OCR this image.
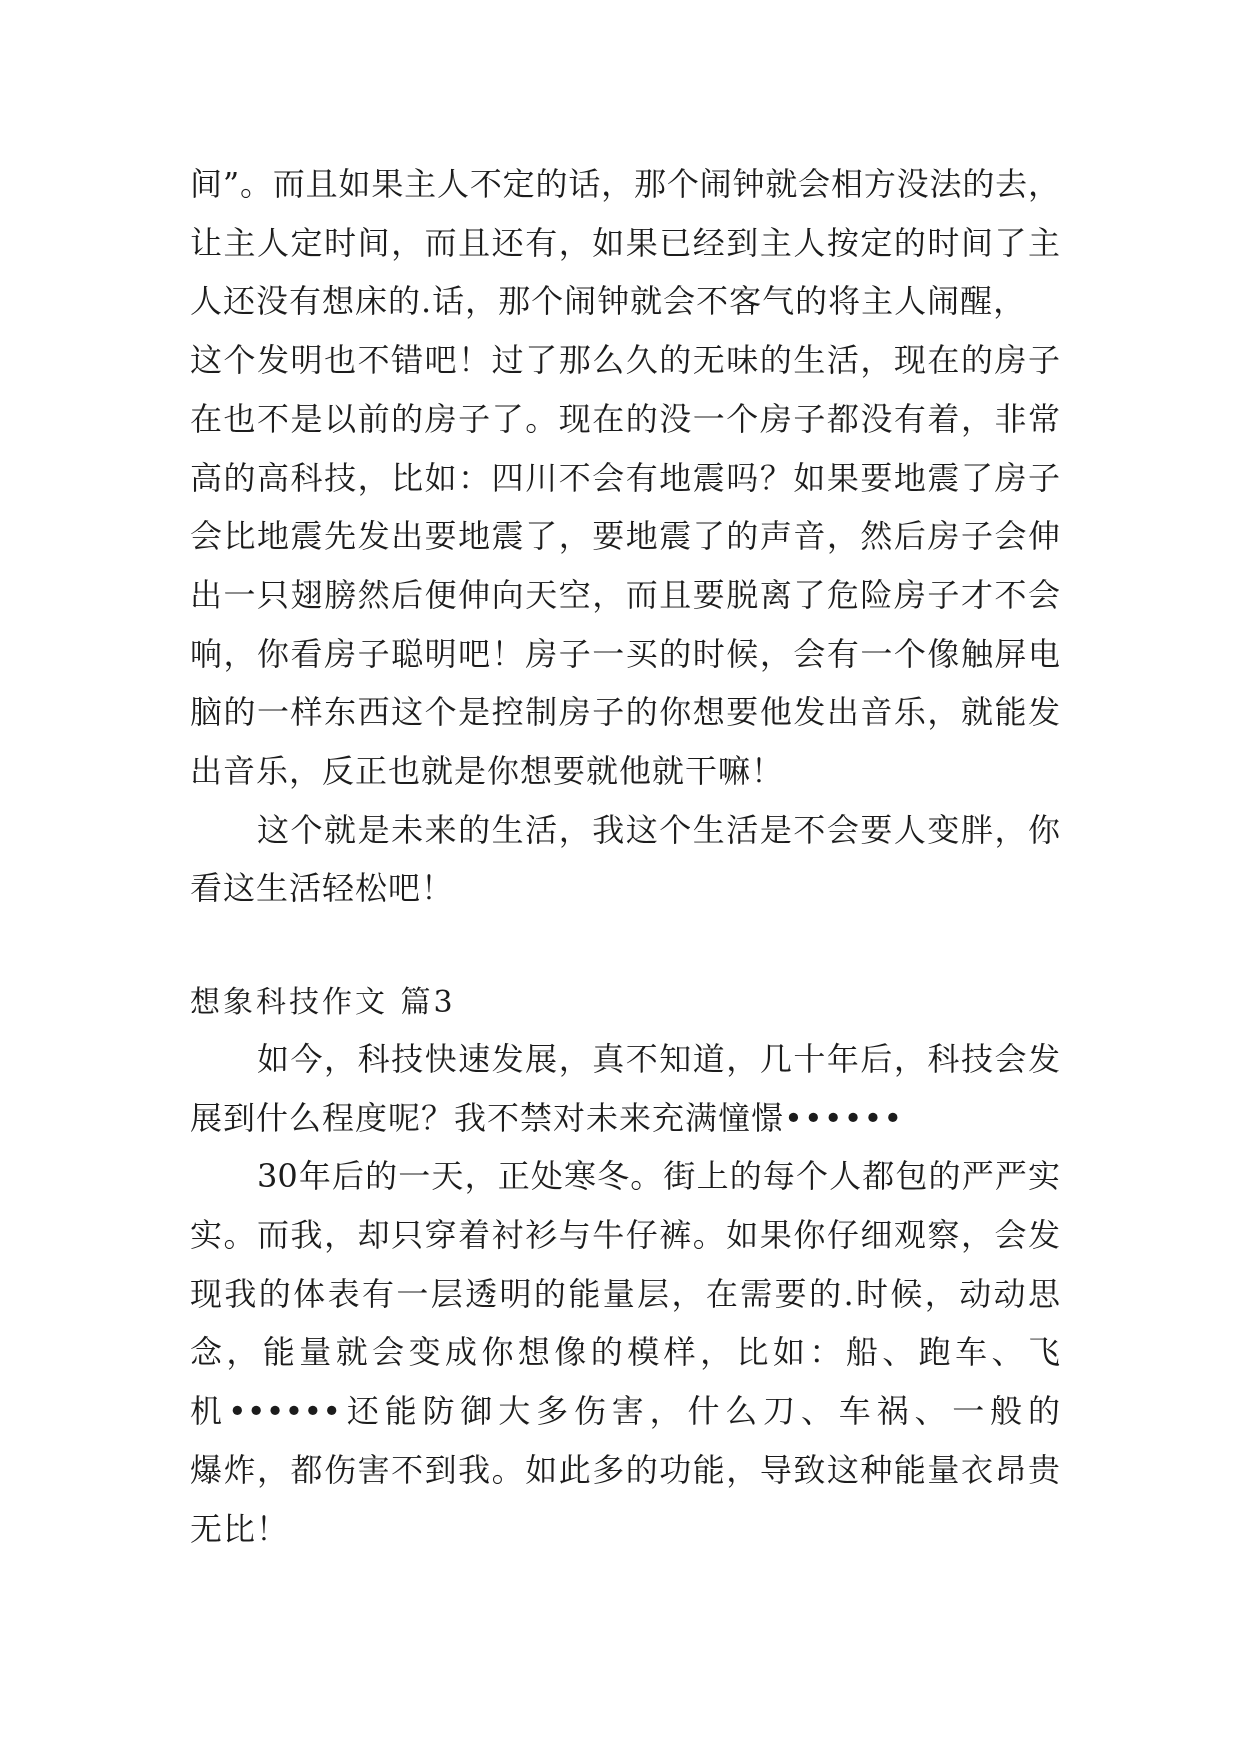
间”。而且如果主人不定的话，那个闹钟就会相方没法的去，
让主人定时间，而且还有，如果已经到主人按定的时间了主
人还没有想床的.话，那个闹钟就会不客气的将主人闹醒，
这个发明也不错吧！过了那么久的无味的生活，现在的房子
在也不是以前的房子了。现在的没一个房子都没有着，非常
高的高科技，比如：四川不会有地震吗？如果要地震了房子
会比地震先发出要地震了，要地震了的声音，然后房子会伸
出一只翅膀然后便伸向天空，而且要脱离了危险房子才不会
响，你看房子聪明吧！房子一买的时候，会有一个像触屏电
脑的一样东西这个是控制房子的你想要他发出音乐，就能发
出音乐，反正也就是你想要就他就干嘛！
这个就是未来的生活，我这个生活是不会要人变胖，你
看这生活轻松吧！
想象科技作文 篇3
如今，科技快速发展，真不知道，几十年后，科技会发
展到什么程度呢？我不禁对未来充满憧憬••••••
30年后的一天，正处寒冬。街上的每个人都包的严严实
实。而我，却只穿着衬衫与牛仔裤。如果你仔细观察，会发
现我的体表有一层透明的能量层，在需要的.时候，动动思
念，能量就会变成你想像的模样，比如：船、跑车、飞
机••••••还能防御大多伤害，什么刀、车祸、一般的
爆炸，都伤害不到我。如此多的功能，导致这种能量衣昂贵
无比！
